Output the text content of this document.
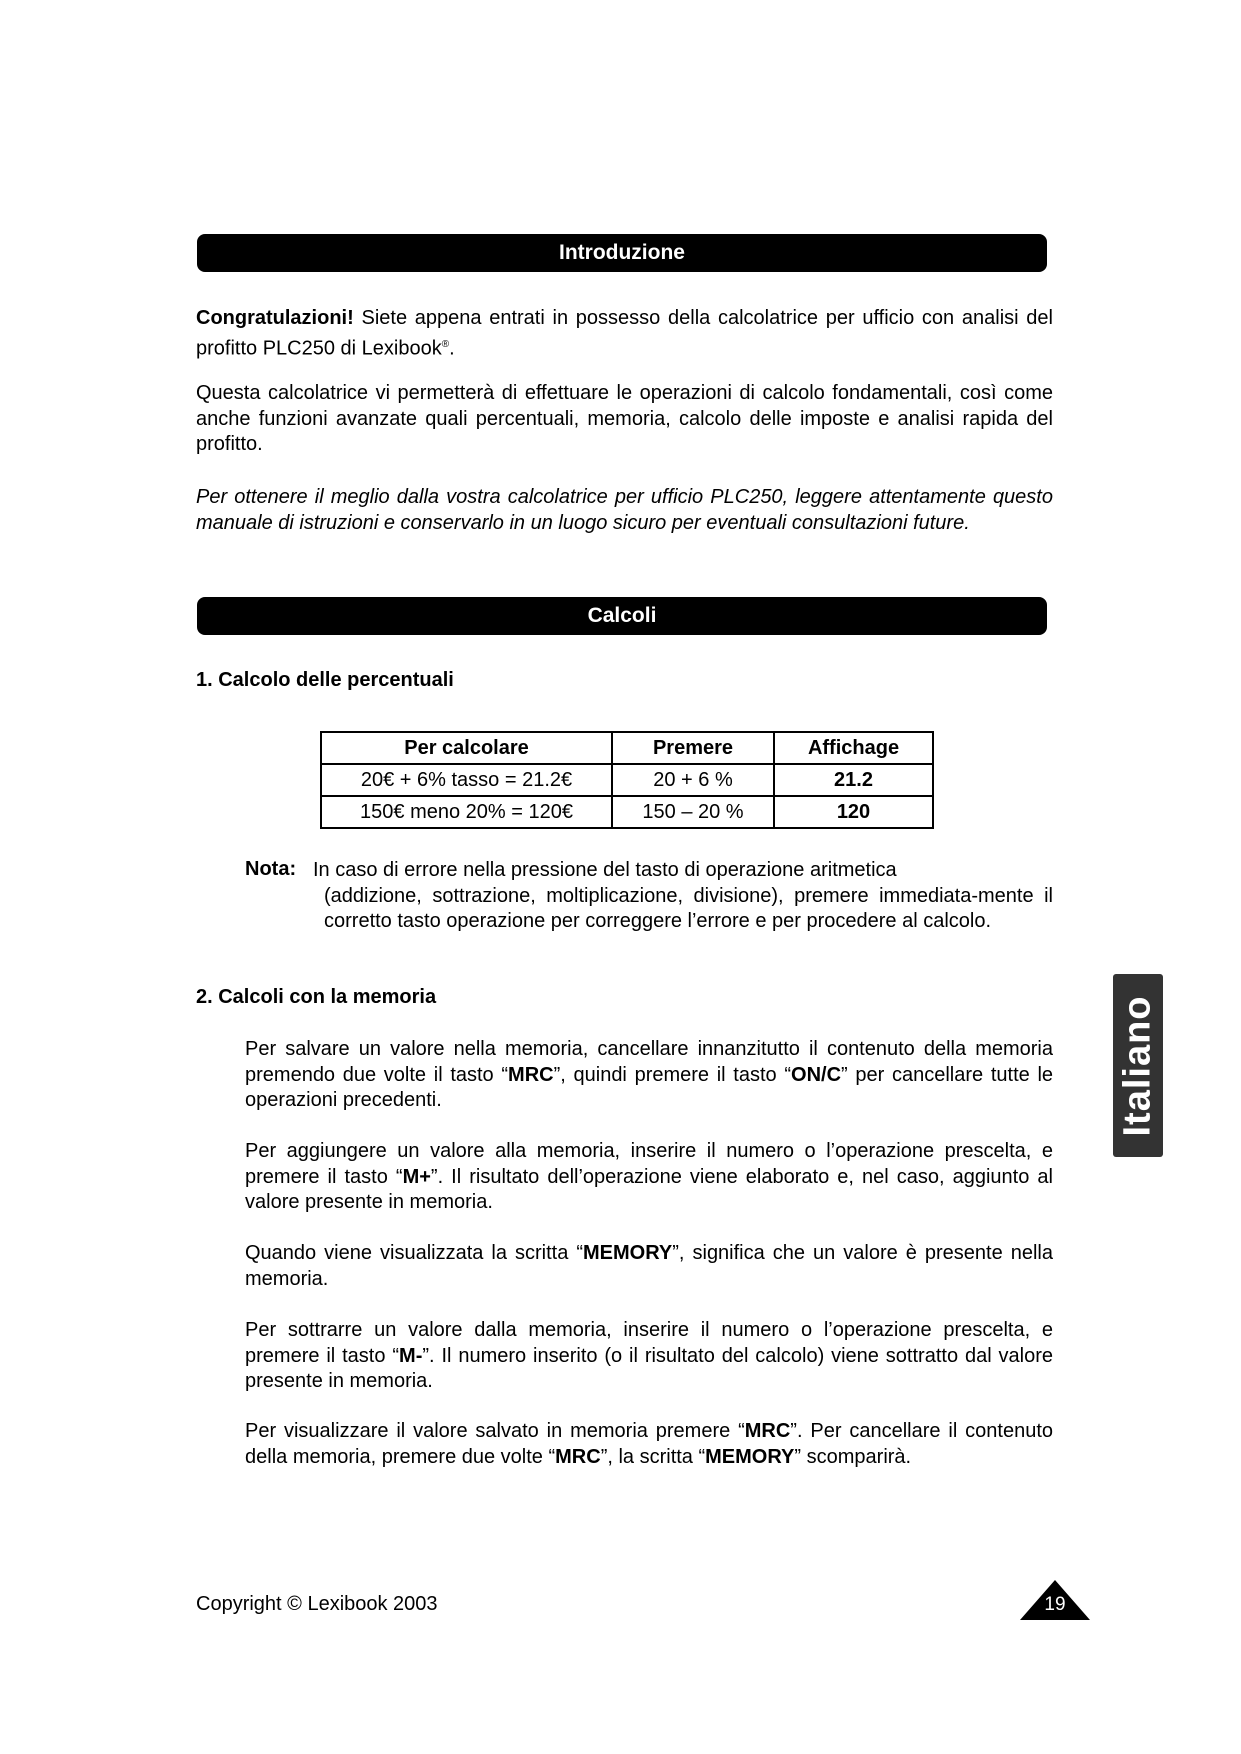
Introduzione

Congratulazioni! Siete appena entrati in possesso della calcolatrice per ufficio con analisi del profitto PLC250 di Lexibook®.

Questa calcolatrice vi permetterà di effettuare le operazioni di calcolo fondamentali, così come anche funzioni avanzate quali percentuali, memoria, calcolo delle imposte e analisi rapida del profitto.

Per ottenere il meglio dalla vostra calcolatrice per ufficio PLC250, leggere attentamente questo manuale di istruzioni e conservarlo in un luogo sicuro per eventuali consultazioni future.

Calcoli

1. Calcolo delle percentuali

Per calcolare	Premere	Affichage
20€ + 6% tasso = 21.2€	20 + 6 %	21.2
150€ meno 20% = 120€	150 – 20 %	120
Nota: In caso di errore nella pressione del tasto di operazione aritmetica
(addizione, sottrazione, moltiplicazione, divisione), premere immediata-mente il corretto tasto operazione per correggere l’errore e per procedere al calcolo.

2. Calcoli con la memoria

Per salvare un valore nella memoria, cancellare innanzitutto il contenuto della memoria premendo due volte il tasto “MRC”, quindi premere il tasto “ON/C” per cancellare tutte le operazioni precedenti.

Per aggiungere un valore alla memoria, inserire il numero o l’operazione prescelta, e premere il tasto “M+”. Il risultato dell’operazione viene elaborato e, nel caso, aggiunto al valore presente in memoria.

Quando viene visualizzata la scritta “MEMORY”, significa che un valore è presente nella memoria.

Per sottrarre un valore dalla memoria, inserire il numero o l’operazione prescelta, e premere il tasto “M-”. Il numero inserito (o il risultato del calcolo) viene sottratto dal valore presente in memoria.

Per visualizzare il valore salvato in memoria premere “MRC”. Per cancellare il contenuto della memoria, premere due volte “MRC”, la scritta “MEMORY” scomparirà.

Italiano
Copyright © Lexibook 2003	19
